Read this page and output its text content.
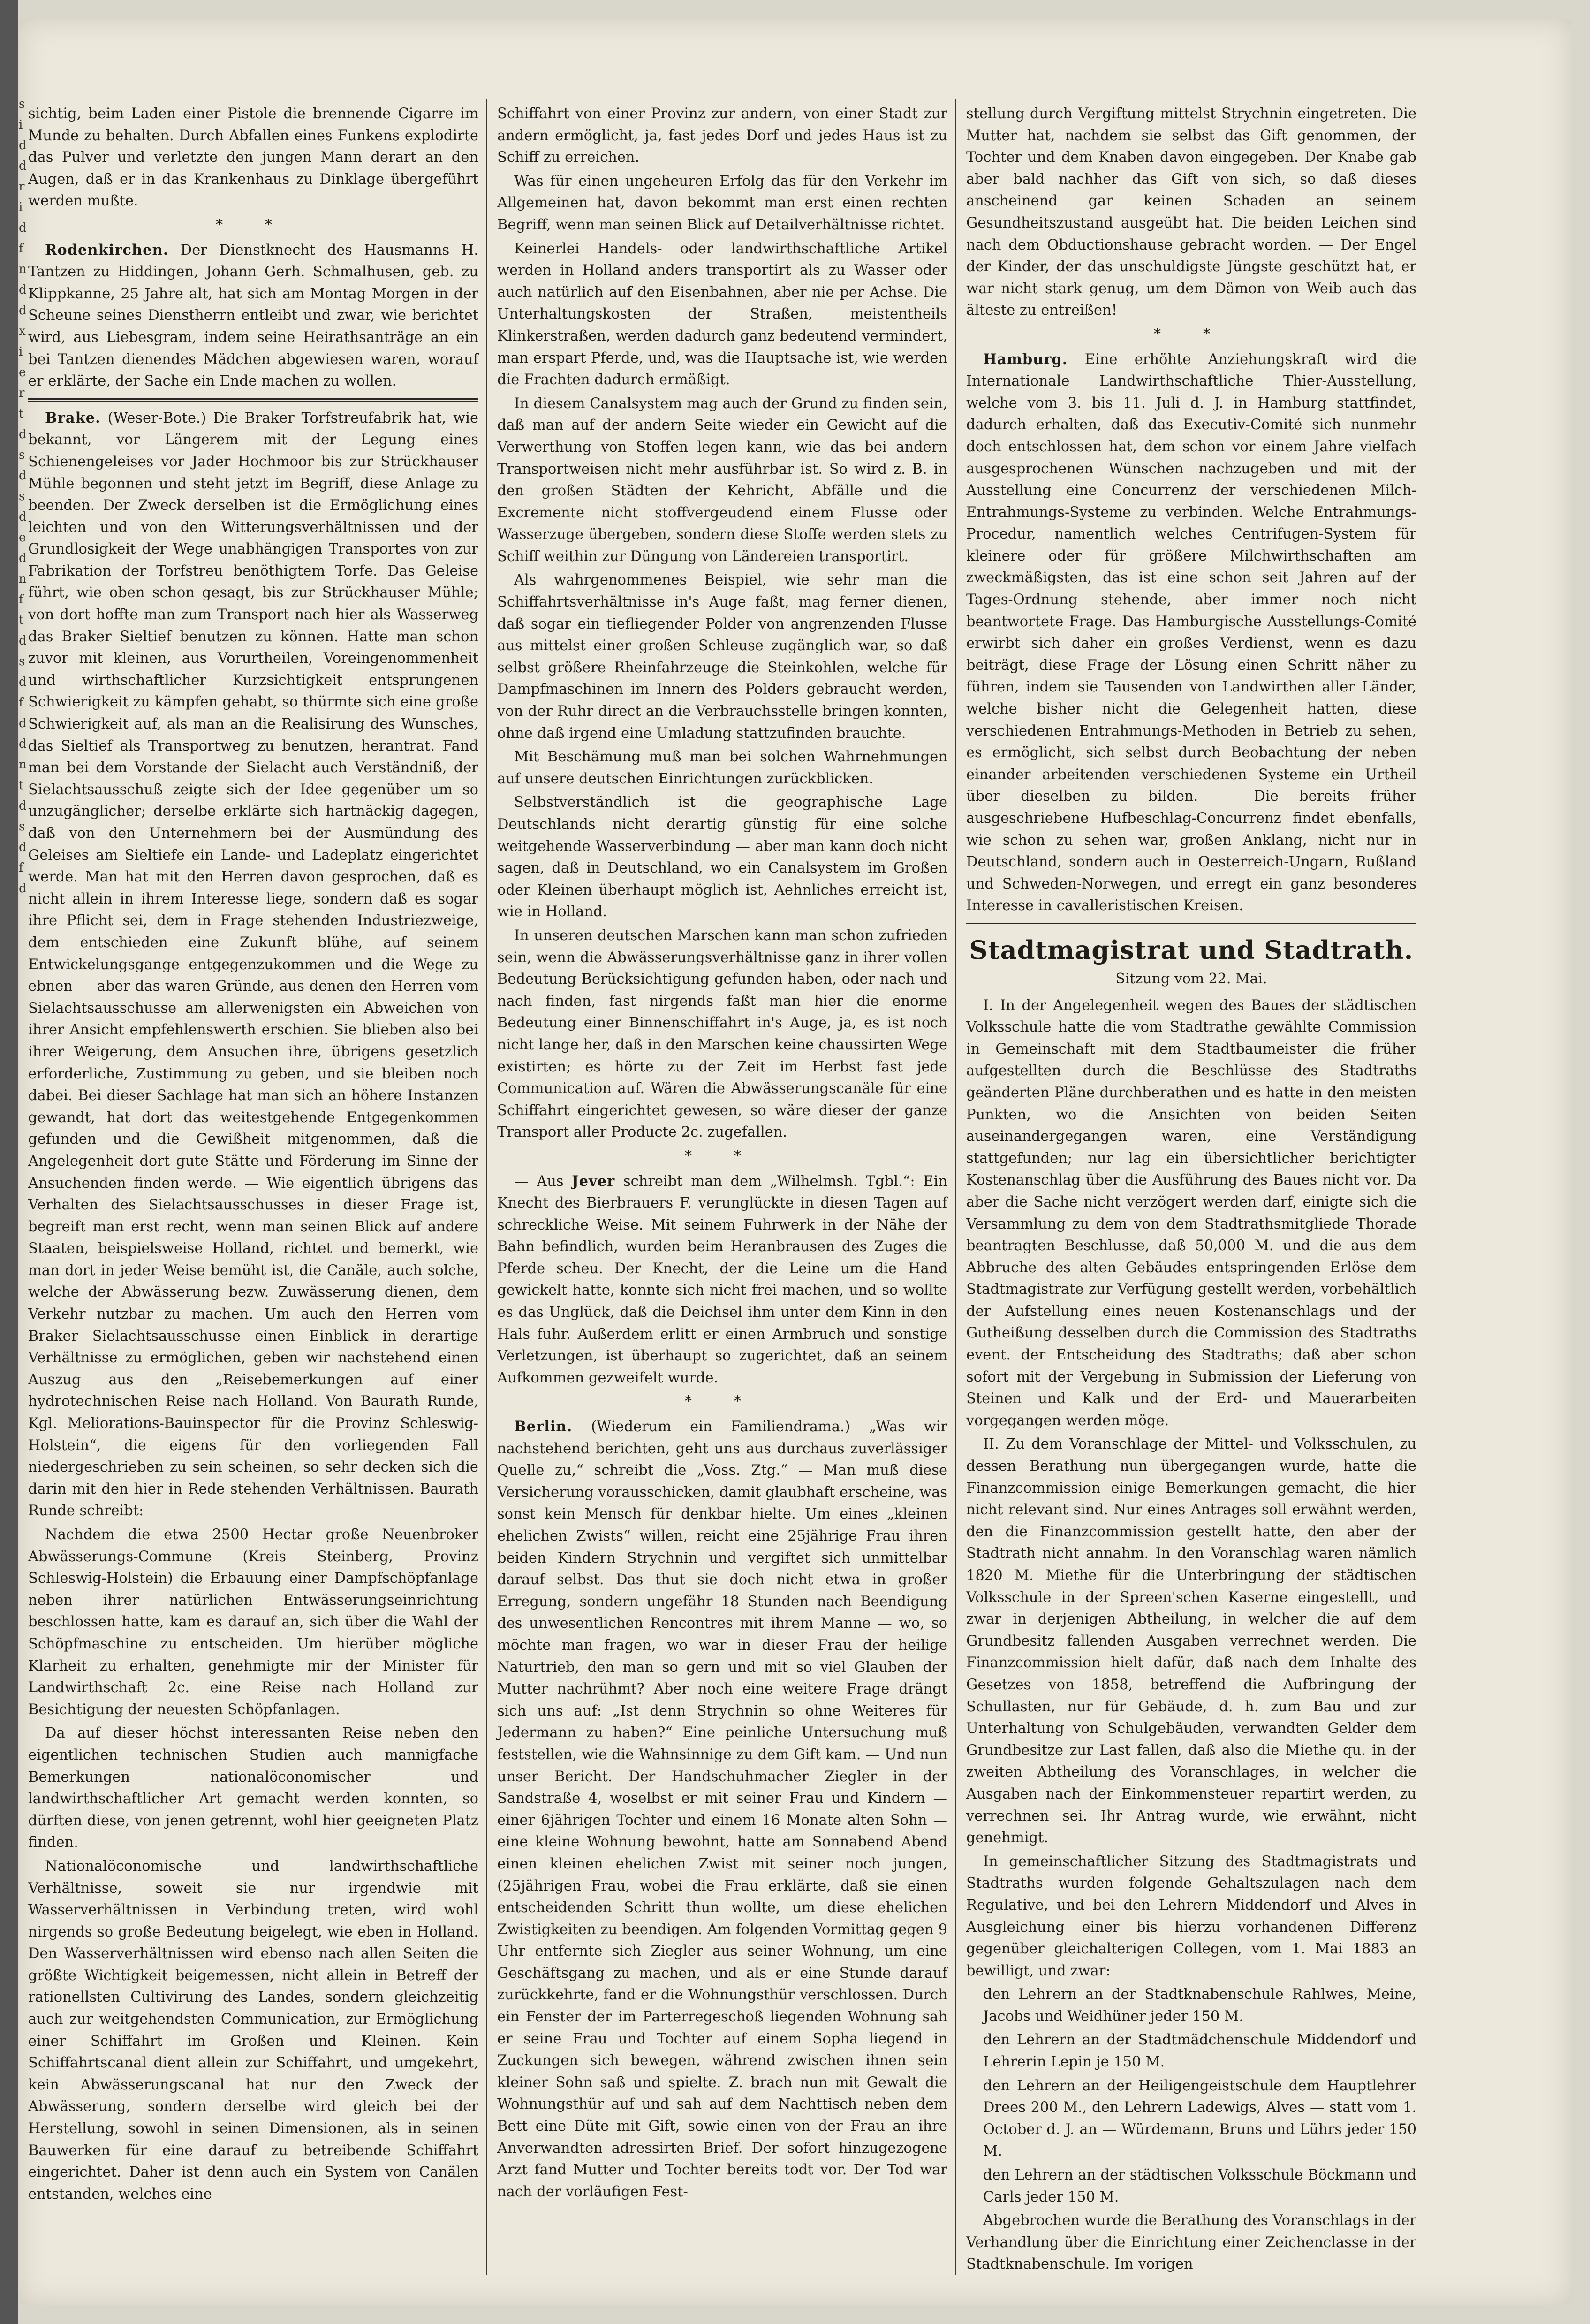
s
i
d
d
r
i
d
f
n
d
d
x
i
e
r
t
d
s
d
s
d
e
d
n
f
t
d
s
d
f
d
d
n
t
d
s
d
f
d

sichtig, beim Laden einer Pistole die brennende Cigarre im Munde zu behalten. Durch Abfallen eines Funkens explodirte das Pulver und verletzte den jungen Mann derart an den Augen, daß er in das Krankenhaus zu Dinklage übergeführt werden mußte.

* *

Rodenkirchen. Der Dienstknecht des Hausmanns H. Tantzen zu Hiddingen, Johann Gerh. Schmalhusen, geb. zu Klippkanne, 25 Jahre alt, hat sich am Montag Morgen in der Scheune seines Dienstherrn entleibt und zwar, wie berichtet wird, aus Liebesgram, indem seine Heirathsanträge an ein bei Tantzen dienendes Mädchen abgewiesen waren, worauf er erklärte, der Sache ein Ende machen zu wollen.

Brake. (Weser-Bote.) Die Braker Torfstreufabrik hat, wie bekannt, vor Längerem mit der Legung eines Schienengeleises vor Jader Hochmoor bis zur Strückhauser Mühle begonnen und steht jetzt im Begriff, diese Anlage zu beenden. Der Zweck derselben ist die Ermöglichung eines leichten und von den Witterungsverhältnissen und der Grundlosigkeit der Wege unabhängigen Transportes von zur Fabrikation der Torfstreu benöthigtem Torfe. Das Geleise führt, wie oben schon gesagt, bis zur Strückhauser Mühle; von dort hoffte man zum Transport nach hier als Wasserweg das Braker Sieltief benutzen zu können. Hatte man schon zuvor mit kleinen, aus Vorurtheilen, Voreingenommenheit und wirthschaftlicher Kurzsichtigkeit entsprungenen Schwierigkeit zu kämpfen gehabt, so thürmte sich eine große Schwierigkeit auf, als man an die Realisirung des Wunsches, das Sieltief als Transportweg zu benutzen, herantrat. Fand man bei dem Vorstande der Sielacht auch Verständniß, der Sielachtsausschuß zeigte sich der Idee gegenüber um so unzugänglicher; derselbe erklärte sich hartnäckig dagegen, daß von den Unternehmern bei der Ausmündung des Geleises am Sieltiefe ein Lande- und Ladeplatz eingerichtet werde. Man hat mit den Herren davon gesprochen, daß es nicht allein in ihrem Interesse liege, sondern daß es sogar ihre Pflicht sei, dem in Frage stehenden Industriezweige, dem entschieden eine Zukunft blühe, auf seinem Entwickelungsgange entgegenzukommen und die Wege zu ebnen — aber das waren Gründe, aus denen den Herren vom Sielachtsausschusse am allerwenigsten ein Abweichen von ihrer Ansicht empfehlenswerth erschien. Sie blieben also bei ihrer Weigerung, dem Ansuchen ihre, übrigens gesetzlich erforderliche, Zustimmung zu geben, und sie bleiben noch dabei. Bei dieser Sachlage hat man sich an höhere Instanzen gewandt, hat dort das weitestgehende Entgegenkommen gefunden und die Gewißheit mitgenommen, daß die Angelegenheit dort gute Stätte und Förderung im Sinne der Ansuchenden finden werde. — Wie eigentlich übrigens das Verhalten des Sielachtsausschusses in dieser Frage ist, begreift man erst recht, wenn man seinen Blick auf andere Staaten, beispielsweise Holland, richtet und bemerkt, wie man dort in jeder Weise bemüht ist, die Canäle, auch solche, welche der Abwässerung bezw. Zuwässerung dienen, dem Verkehr nutzbar zu machen. Um auch den Herren vom Braker Sielachtsausschusse einen Einblick in derartige Verhältnisse zu ermöglichen, geben wir nachstehend einen Auszug aus den „Reisebemerkungen auf einer hydrotechnischen Reise nach Holland. Von Baurath Runde, Kgl. Meliorations-Bauinspector für die Provinz Schleswig-Holstein“, die eigens für den vorliegenden Fall niedergeschrieben zu sein scheinen, so sehr decken sich die darin mit den hier in Rede stehenden Verhältnissen. Baurath Runde schreibt:

Nachdem die etwa 2500 Hectar große Neuenbroker Abwässerungs-Commune (Kreis Steinberg, Provinz Schleswig-Holstein) die Erbauung einer Dampfschöpfanlage neben ihrer natürlichen Entwässerungseinrichtung beschlossen hatte, kam es darauf an, sich über die Wahl der Schöpfmaschine zu entscheiden. Um hierüber mögliche Klarheit zu erhalten, genehmigte mir der Minister für Landwirthschaft 2c. eine Reise nach Holland zur Besichtigung der neuesten Schöpfanlagen.

Da auf dieser höchst interessanten Reise neben den eigentlichen technischen Studien auch mannigfache Bemerkungen nationalöconomischer und landwirthschaftlicher Art gemacht werden konnten, so dürften diese, von jenen getrennt, wohl hier geeigneten Platz finden.

Nationalöconomische und landwirthschaftliche Verhältnisse, soweit sie nur irgendwie mit Wasserverhältnissen in Verbindung treten, wird wohl nirgends so große Bedeutung beigelegt, wie eben in Holland. Den Wasserverhältnissen wird ebenso nach allen Seiten die größte Wichtigkeit beigemessen, nicht allein in Betreff der rationellsten Cultivirung des Landes, sondern gleichzeitig auch zur weitgehendsten Communication, zur Ermöglichung einer Schiffahrt im Großen und Kleinen. Kein Schiffahrtscanal dient allein zur Schiffahrt, und umgekehrt, kein Abwässerungscanal hat nur den Zweck der Abwässerung, sondern derselbe wird gleich bei der Herstellung, sowohl in seinen Dimensionen, als in seinen Bauwerken für eine darauf zu betreibende Schiffahrt eingerichtet. Daher ist denn auch ein System von Canälen entstanden, welches eine

Schiffahrt von einer Provinz zur andern, von einer Stadt zur andern ermöglicht, ja, fast jedes Dorf und jedes Haus ist zu Schiff zu erreichen.

Was für einen ungeheuren Erfolg das für den Verkehr im Allgemeinen hat, davon bekommt man erst einen rechten Begriff, wenn man seinen Blick auf Detailverhältnisse richtet.

Keinerlei Handels- oder landwirthschaftliche Artikel werden in Holland anders transportirt als zu Wasser oder auch natürlich auf den Eisenbahnen, aber nie per Achse. Die Unterhaltungskosten der Straßen, meistentheils Klinkerstraßen, werden dadurch ganz bedeutend vermindert, man erspart Pferde, und, was die Hauptsache ist, wie werden die Frachten dadurch ermäßigt.

In diesem Canalsystem mag auch der Grund zu finden sein, daß man auf der andern Seite wieder ein Gewicht auf die Verwerthung von Stoffen legen kann, wie das bei andern Transportweisen nicht mehr ausführbar ist. So wird z. B. in den großen Städten der Kehricht, Abfälle und die Excremente nicht stoffvergeudend einem Flusse oder Wasserzuge übergeben, sondern diese Stoffe werden stets zu Schiff weithin zur Düngung von Ländereien transportirt.

Als wahrgenommenes Beispiel, wie sehr man die Schiffahrtsverhältnisse in's Auge faßt, mag ferner dienen, daß sogar ein tiefliegender Polder von angrenzenden Flusse aus mittelst einer großen Schleuse zugänglich war, so daß selbst größere Rheinfahrzeuge die Steinkohlen, welche für Dampfmaschinen im Innern des Polders gebraucht werden, von der Ruhr direct an die Verbrauchsstelle bringen konnten, ohne daß irgend eine Umladung stattzufinden brauchte.

Mit Beschämung muß man bei solchen Wahrnehmungen auf unsere deutschen Einrichtungen zurückblicken.

Selbstverständlich ist die geographische Lage Deutschlands nicht derartig günstig für eine solche weitgehende Wasserverbindung — aber man kann doch nicht sagen, daß in Deutschland, wo ein Canalsystem im Großen oder Kleinen überhaupt möglich ist, Aehnliches erreicht ist, wie in Holland.

In unseren deutschen Marschen kann man schon zufrieden sein, wenn die Abwässerungsverhältnisse ganz in ihrer vollen Bedeutung Berücksichtigung gefunden haben, oder nach und nach finden, fast nirgends faßt man hier die enorme Bedeutung einer Binnenschiffahrt in's Auge, ja, es ist noch nicht lange her, daß in den Marschen keine chaussirten Wege existirten; es hörte zu der Zeit im Herbst fast jede Communication auf. Wären die Abwässerungscanäle für eine Schiffahrt eingerichtet gewesen, so wäre dieser der ganze Transport aller Producte 2c. zugefallen.

* *

— Aus Jever schreibt man dem „Wilhelmsh. Tgbl.“: Ein Knecht des Bierbrauers F. verunglückte in diesen Tagen auf schreckliche Weise. Mit seinem Fuhrwerk in der Nähe der Bahn befindlich, wurden beim Heranbrausen des Zuges die Pferde scheu. Der Knecht, der die Leine um die Hand gewickelt hatte, konnte sich nicht frei machen, und so wollte es das Unglück, daß die Deichsel ihm unter dem Kinn in den Hals fuhr. Außerdem erlitt er einen Armbruch und sonstige Verletzungen, ist überhaupt so zugerichtet, daß an seinem Aufkommen gezweifelt wurde.

* *

Berlin. (Wiederum ein Familiendrama.) „Was wir nachstehend berichten, geht uns aus durchaus zuverlässiger Quelle zu,“ schreibt die „Voss. Ztg.“ — Man muß diese Versicherung vorausschicken, damit glaubhaft erscheine, was sonst kein Mensch für denkbar hielte. Um eines „kleinen ehelichen Zwists“ willen, reicht eine 25jährige Frau ihren beiden Kindern Strychnin und vergiftet sich unmittelbar darauf selbst. Das thut sie doch nicht etwa in großer Erregung, sondern ungefähr 18 Stunden nach Beendigung des unwesentlichen Rencontres mit ihrem Manne — wo, so möchte man fragen, wo war in dieser Frau der heilige Naturtrieb, den man so gern und mit so viel Glauben der Mutter nachrühmt? Aber noch eine weitere Frage drängt sich uns auf: „Ist denn Strychnin so ohne Weiteres für Jedermann zu haben?“ Eine peinliche Untersuchung muß feststellen, wie die Wahnsinnige zu dem Gift kam. — Und nun unser Bericht. Der Handschuhmacher Ziegler in der Sandstraße 4, woselbst er mit seiner Frau und Kindern — einer 6jährigen Tochter und einem 16 Monate alten Sohn — eine kleine Wohnung bewohnt, hatte am Sonnabend Abend einen kleinen ehelichen Zwist mit seiner noch jungen, (25jährigen Frau, wobei die Frau erklärte, daß sie einen entscheidenden Schritt thun wollte, um diese ehelichen Zwistigkeiten zu beendigen. Am folgenden Vormittag gegen 9 Uhr entfernte sich Ziegler aus seiner Wohnung, um eine Geschäftsgang zu machen, und als er eine Stunde darauf zurückkehrte, fand er die Wohnungsthür verschlossen. Durch ein Fenster der im Parterregeschoß liegenden Wohnung sah er seine Frau und Tochter auf einem Sopha liegend in Zuckungen sich bewegen, während zwischen ihnen sein kleiner Sohn saß und spielte. Z. brach nun mit Gewalt die Wohnungsthür auf und sah auf dem Nachttisch neben dem Bett eine Düte mit Gift, sowie einen von der Frau an ihre Anverwandten adressirten Brief. Der sofort hinzugezogene Arzt fand Mutter und Tochter bereits todt vor. Der Tod war nach der vorläufigen Fest-

stellung durch Vergiftung mittelst Strychnin eingetreten. Die Mutter hat, nachdem sie selbst das Gift genommen, der Tochter und dem Knaben davon eingegeben. Der Knabe gab aber bald nachher das Gift von sich, so daß dieses anscheinend gar keinen Schaden an seinem Gesundheitszustand ausgeübt hat. Die beiden Leichen sind nach dem Obductionshause gebracht worden. — Der Engel der Kinder, der das unschuldigste Jüngste geschützt hat, er war nicht stark genug, um dem Dämon von Weib auch das älteste zu entreißen!

* *

Hamburg. Eine erhöhte Anziehungskraft wird die Internationale Landwirthschaftliche Thier-Ausstellung, welche vom 3. bis 11. Juli d. J. in Hamburg stattfindet, dadurch erhalten, daß das Executiv-Comité sich nunmehr doch entschlossen hat, dem schon vor einem Jahre vielfach ausgesprochenen Wünschen nachzugeben und mit der Ausstellung eine Concurrenz der verschiedenen Milch-Entrahmungs-Systeme zu verbinden. Welche Entrahmungs-Procedur, namentlich welches Centrifugen-System für kleinere oder für größere Milchwirthschaften am zweckmäßigsten, das ist eine schon seit Jahren auf der Tages-Ordnung stehende, aber immer noch nicht beantwortete Frage. Das Hamburgische Ausstellungs-Comité erwirbt sich daher ein großes Verdienst, wenn es dazu beiträgt, diese Frage der Lösung einen Schritt näher zu führen, indem sie Tausenden von Landwirthen aller Länder, welche bisher nicht die Gelegenheit hatten, diese verschiedenen Entrahmungs-Methoden in Betrieb zu sehen, es ermöglicht, sich selbst durch Beobachtung der neben einander arbeitenden verschiedenen Systeme ein Urtheil über dieselben zu bilden. — Die bereits früher ausgeschriebene Hufbeschlag-Concurrenz findet ebenfalls, wie schon zu sehen war, großen Anklang, nicht nur in Deutschland, sondern auch in Oesterreich-Ungarn, Rußland und Schweden-Norwegen, und erregt ein ganz besonderes Interesse in cavalleristischen Kreisen.

Stadtmagistrat und Stadtrath.
Sitzung vom 22. Mai.

I. In der Angelegenheit wegen des Baues der städtischen Volksschule hatte die vom Stadtrathe gewählte Commission in Gemeinschaft mit dem Stadtbaumeister die früher aufgestellten durch die Beschlüsse des Stadtraths geänderten Pläne durchberathen und es hatte in den meisten Punkten, wo die Ansichten von beiden Seiten auseinandergegangen waren, eine Verständigung stattgefunden; nur lag ein übersichtlicher berichtigter Kostenanschlag über die Ausführung des Baues nicht vor. Da aber die Sache nicht verzögert werden darf, einigte sich die Versammlung zu dem von dem Stadtrathsmitgliede Thorade beantragten Beschlusse, daß 50,000 M. und die aus dem Abbruche des alten Gebäudes entspringenden Erlöse dem Stadtmagistrate zur Verfügung gestellt werden, vorbehältlich der Aufstellung eines neuen Kostenanschlags und der Gutheißung desselben durch die Commission des Stadtraths event. der Entscheidung des Stadtraths; daß aber schon sofort mit der Vergebung in Submission der Lieferung von Steinen und Kalk und der Erd- und Mauerarbeiten vorgegangen werden möge.

II. Zu dem Voranschlage der Mittel- und Volksschulen, zu dessen Berathung nun übergegangen wurde, hatte die Finanzcommission einige Bemerkungen gemacht, die hier nicht relevant sind. Nur eines Antrages soll erwähnt werden, den die Finanzcommission gestellt hatte, den aber der Stadtrath nicht annahm. In den Voranschlag waren nämlich 1820 M. Miethe für die Unterbringung der städtischen Volksschule in der Spreen'schen Kaserne eingestellt, und zwar in derjenigen Abtheilung, in welcher die auf dem Grundbesitz fallenden Ausgaben verrechnet werden. Die Finanzcommission hielt dafür, daß nach dem Inhalte des Gesetzes von 1858, betreffend die Aufbringung der Schullasten, nur für Gebäude, d. h. zum Bau und zur Unterhaltung von Schulgebäuden, verwandten Gelder dem Grundbesitze zur Last fallen, daß also die Miethe qu. in der zweiten Abtheilung des Voranschlages, in welcher die Ausgaben nach der Einkommensteuer repartirt werden, zu verrechnen sei. Ihr Antrag wurde, wie erwähnt, nicht genehmigt.

In gemeinschaftlicher Sitzung des Stadtmagistrats und Stadtraths wurden folgende Gehaltszulagen nach dem Regulative, und bei den Lehrern Middendorf und Alves in Ausgleichung einer bis hierzu vorhandenen Differenz gegenüber gleichalterigen Collegen, vom 1. Mai 1883 an bewilligt, und zwar:

den Lehrern an der Stadtknabenschule Rahlwes, Meine, Jacobs und Weidhüner jeder 150 M.

den Lehrern an der Stadtmädchenschule Middendorf und Lehrerin Lepin je 150 M.

den Lehrern an der Heiligengeistschule dem Hauptlehrer Drees 200 M., den Lehrern Ladewigs, Alves — statt vom 1. October d. J. an — Würdemann, Bruns und Lührs jeder 150 M.

den Lehrern an der städtischen Volksschule Böckmann und Carls jeder 150 M.

Abgebrochen wurde die Berathung des Voranschlags in der Verhandlung über die Einrichtung einer Zeichenclasse in der Stadtknabenschule. Im vorigen
